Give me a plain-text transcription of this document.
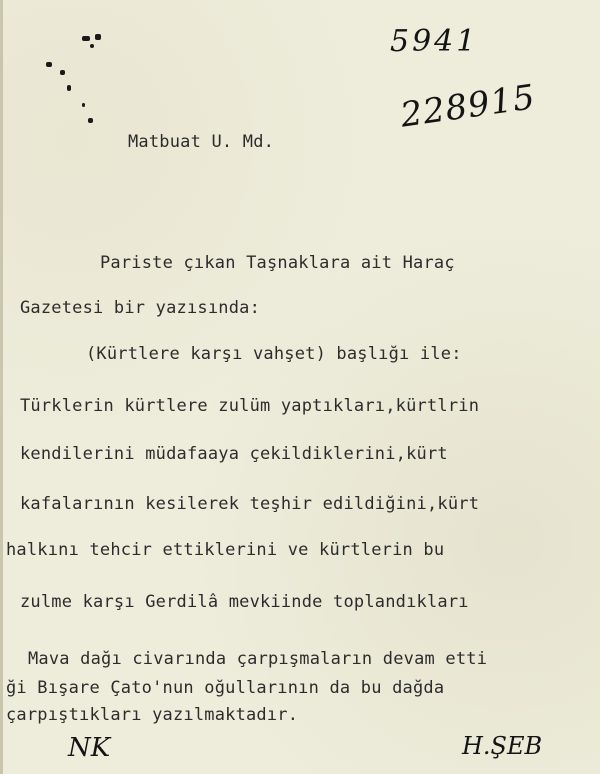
5941
228915
Matbuat U. Md.
Pariste çıkan Taşnaklara ait Haraç
Gazetesi bir yazısında:
(Kürtlere karşı vahşet) başlığı ile:
Türklerin kürtlere zulüm yaptıkları,kürtlrin
kendilerini müdafaaya çekildiklerini,kürt
kafalarının kesilerek teşhir edildiğini,kürt
halkını tehcir ettiklerini ve kürtlerin bu
zulme karşı Gerdilâ mevkiinde toplandıkları
Mava dağı civarında çarpışmaların devam etti
ği Bışare Çato'nun oğullarının da bu dağda
çarpıştıkları yazılmaktadır.
NK	H.ŞEB
